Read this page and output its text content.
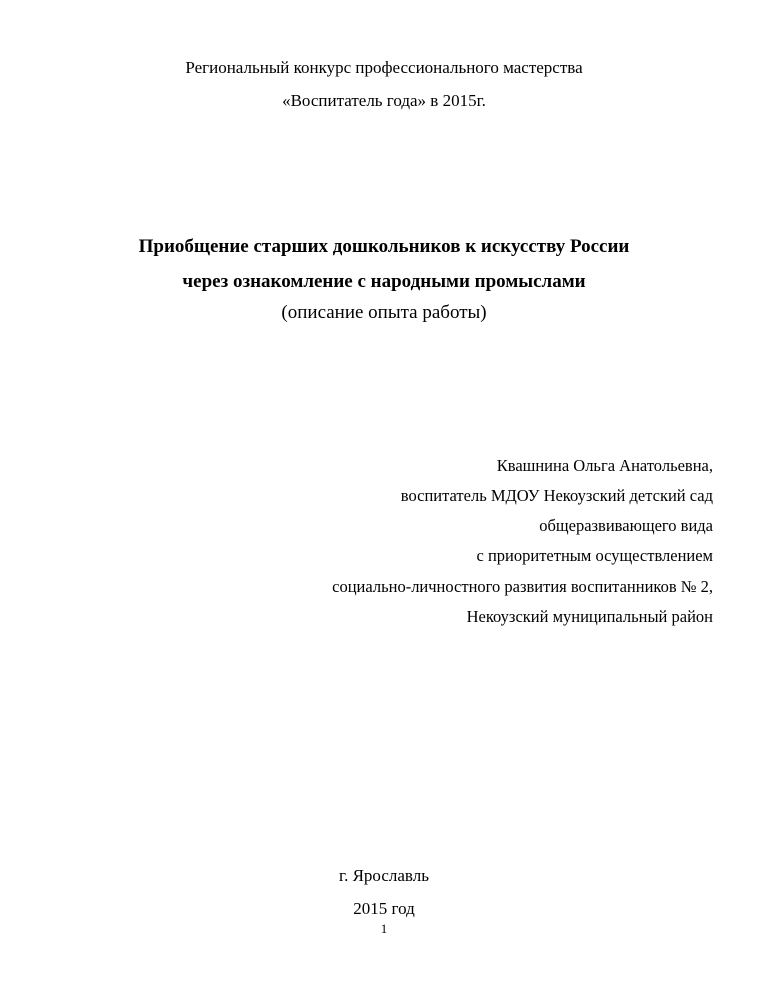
Региональный конкурс профессионального мастерства
«Воспитатель года» в 2015г.
Приобщение старших дошкольников к искусству России
через ознакомление с народными промыслами
(описание опыта работы)
Квашнина Ольга Анатольевна,
воспитатель МДОУ Некоузский детский сад
общеразвивающего вида
с приоритетным осуществлением
социально-личностного развития воспитанников № 2,
Некоузский муниципальный район
г. Ярославль
2015 год
1
